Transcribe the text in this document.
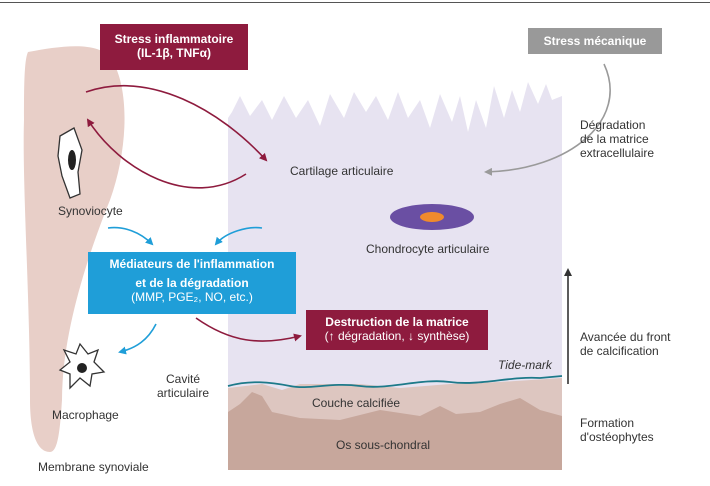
Stress inflammatoire
(IL-1β, TNFα)
Stress mécanique
Médiateurs de l'inflammation
et de la dégradation
(MMP, PGE₂, NO, etc.)
Destruction de la matrice
(↑ dégradation, ↓ synthèse)
Synoviocyte
Macrophage
Membrane synoviale
Cavité
articulaire
Cartilage articulaire
Chondrocyte articulaire
Tide-mark
Couche calcifiée
Os sous-chondral
Dégradation
de la matrice
extracellulaire
Avancée du front
de calcification
Formation
d'ostéophytes
